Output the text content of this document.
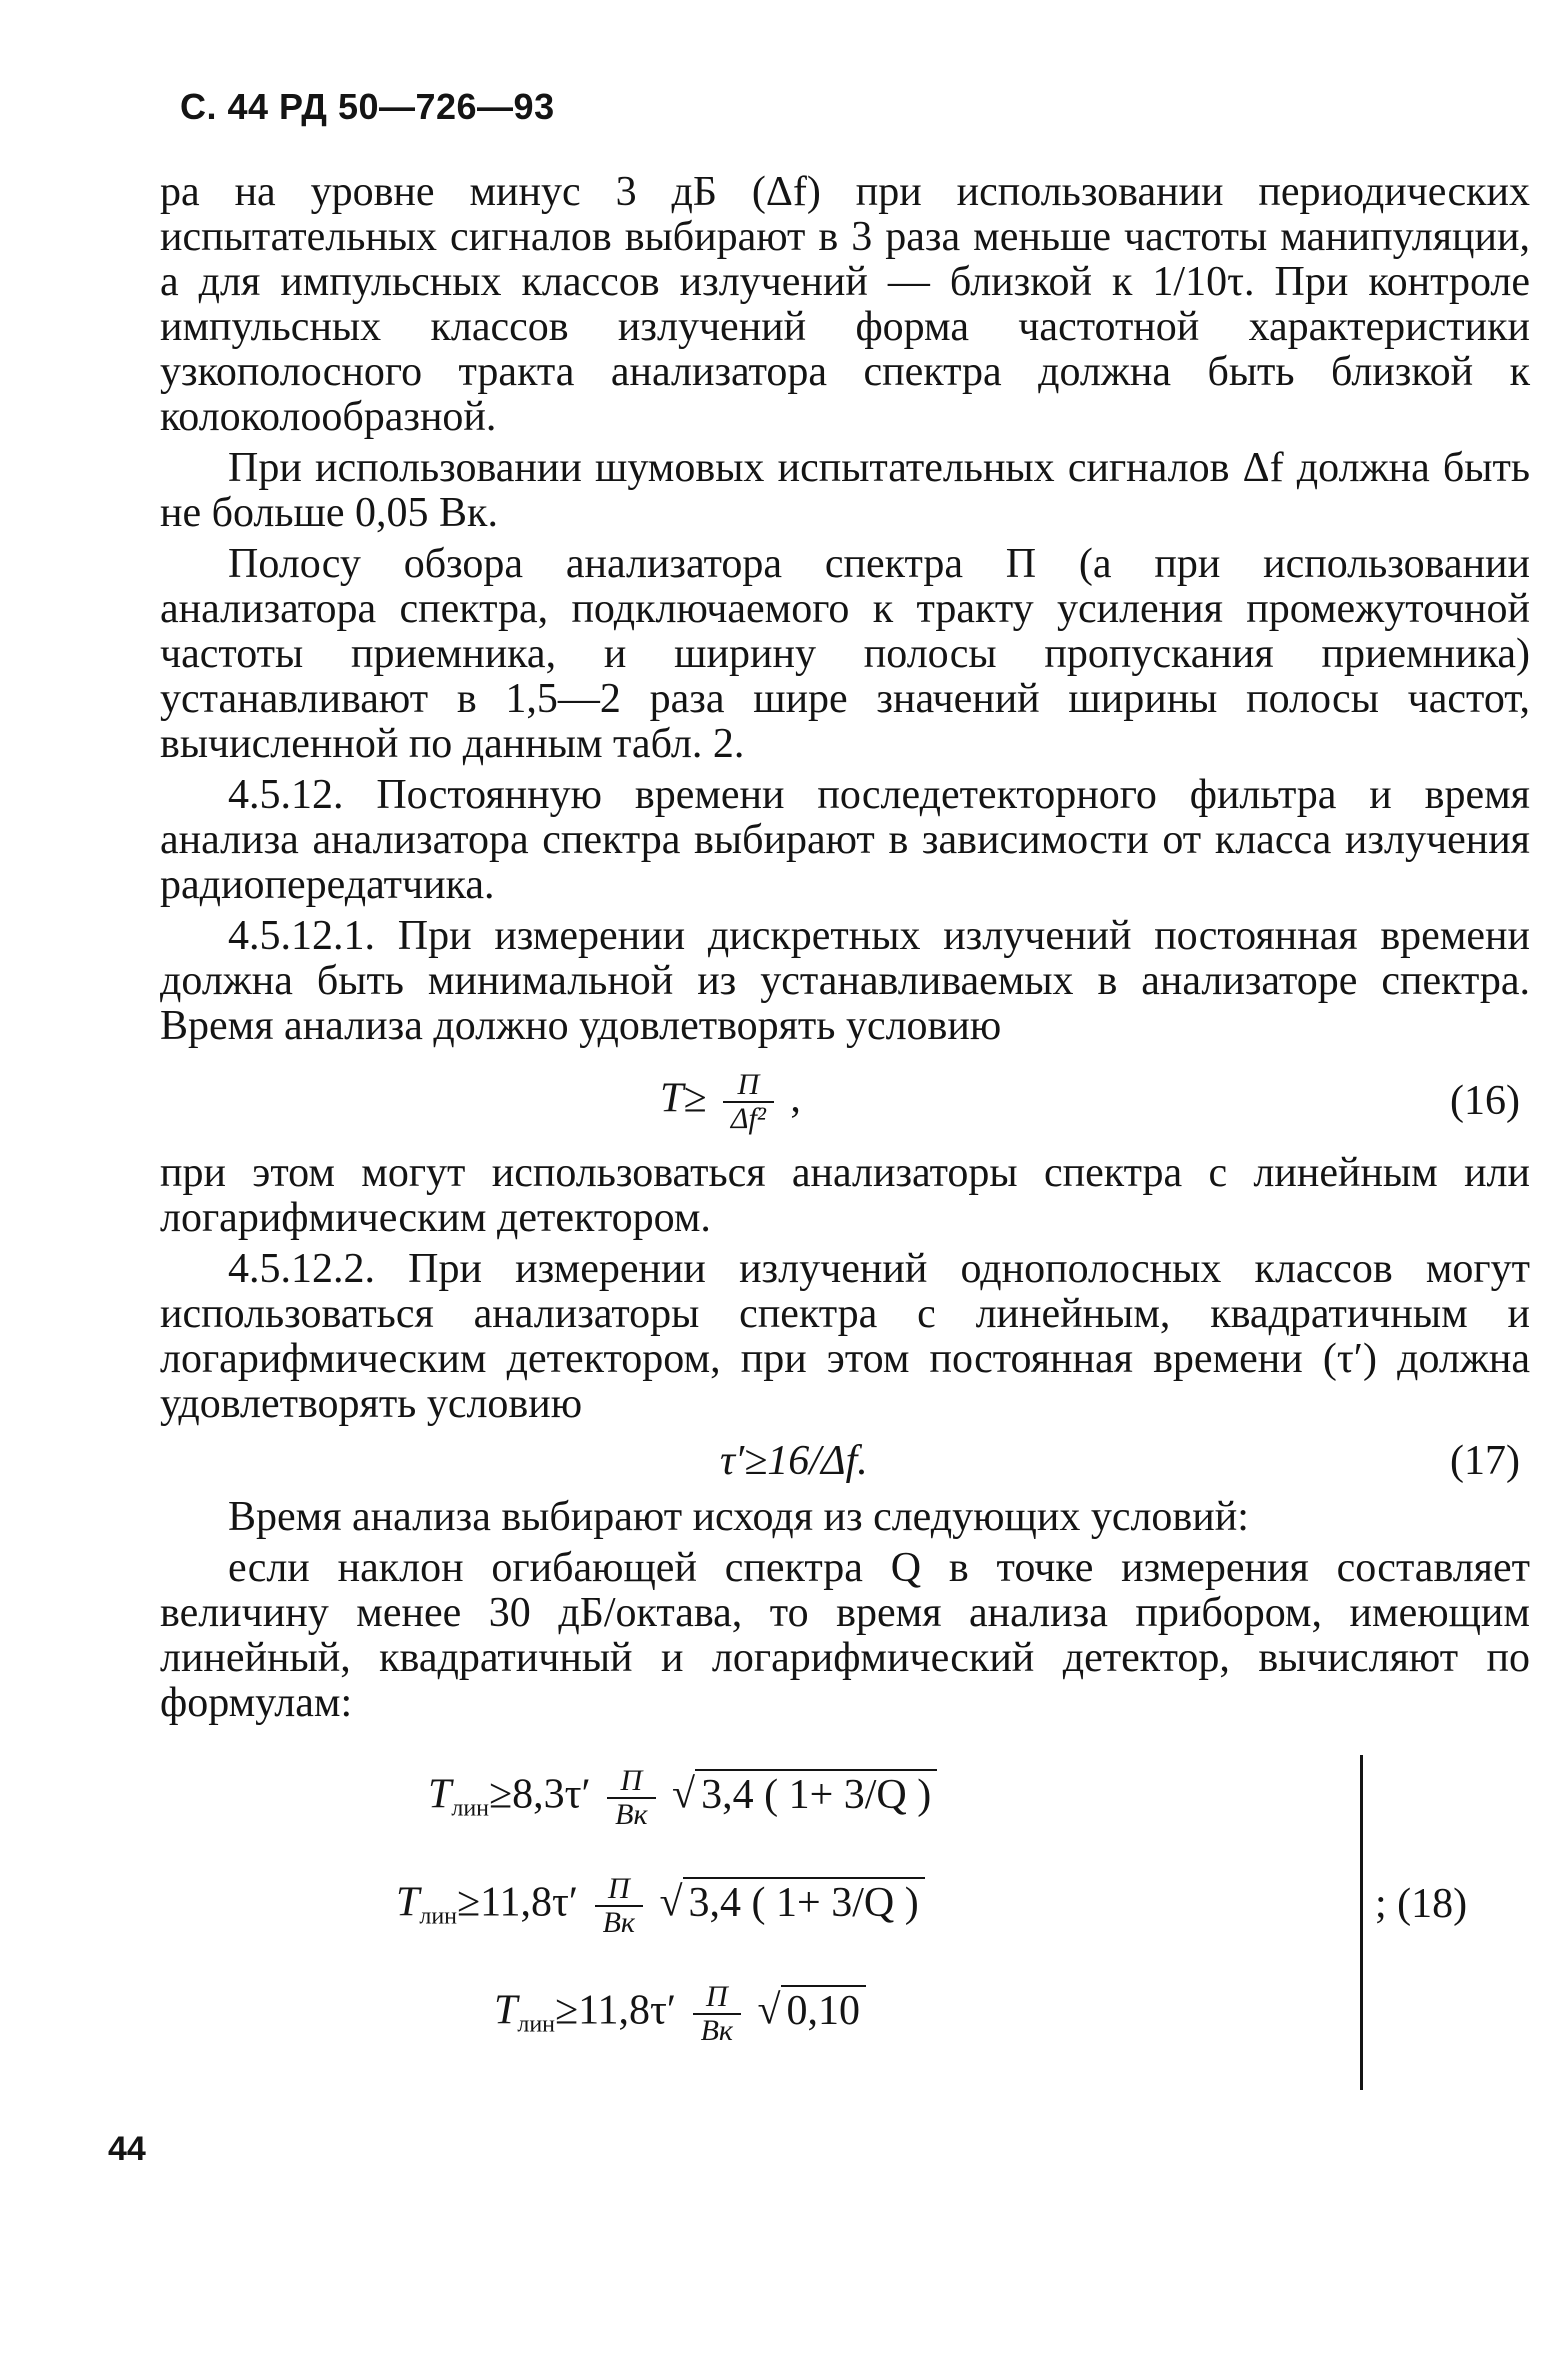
С. 44 РД 50—726—93

ра на уровне минус 3 дБ (Δf) при использовании периодических испытательных сигналов выбирают в 3 раза меньше частоты манипуляции, а для импульсных классов излучений — близкой к 1/10τ. При контроле импульсных классов излучений форма частотной характеристики узкополосного тракта анализатора спектра должна быть близкой к колоколообразной.

При использовании шумовых испытательных сигналов Δf должна быть не больше 0,05 Bк.

Полосу обзора анализатора спектра П (а при использовании анализатора спектра, подключаемого к тракту усиления промежуточной частоты приемника, и ширину полосы пропускания приемника) устанавливают в 1,5—2 раза шире значений ширины полосы частот, вычисленной по данным табл. 2.

4.5.12. Постоянную времени последетекторного фильтра и время анализа анализатора спектра выбирают в зависимости от класса излучения радиопередатчика.

4.5.12.1. При измерении дискретных излучений постоянная времени должна быть минимальной из устанавливаемых в анализаторе спектра. Время анализа должно удовлетворять условию

$T\ge \frac{П}{\text{Δf²}}$ ,	(16)

при этом могут использоваться анализаторы спектра с линейным или логарифмическим детектором.

4.5.12.2. При измерении излучений однополосных классов могут использоваться анализаторы спектра с линейным, квадратичным и логарифмическим детектором, при этом постоянная времени (τ′) должна удовлетворять условию

τ′≥16/Δf.	(17)

Время анализа выбирают исходя из следующих условий:

если наклон огибающей спектра Q в точке измерения составляет величину менее 30 дБ/октава, то время анализа прибором, имеющим линейный, квадратичный и логарифмический детектор, вычисляют по формулам:

$T_{лин}\ge 8,3\tau' \frac{П}{Bк}$ √ 3,4 ( 1+ 3/Q )
$T_{лин}\ge 11,8\tau' \frac{П}{Bк}$ √ 3,4 ( 1+ 3/Q )
$T_{лин}\ge 11,8\tau' \frac{П}{Bк}$ √ 0,10
; (18)
44
